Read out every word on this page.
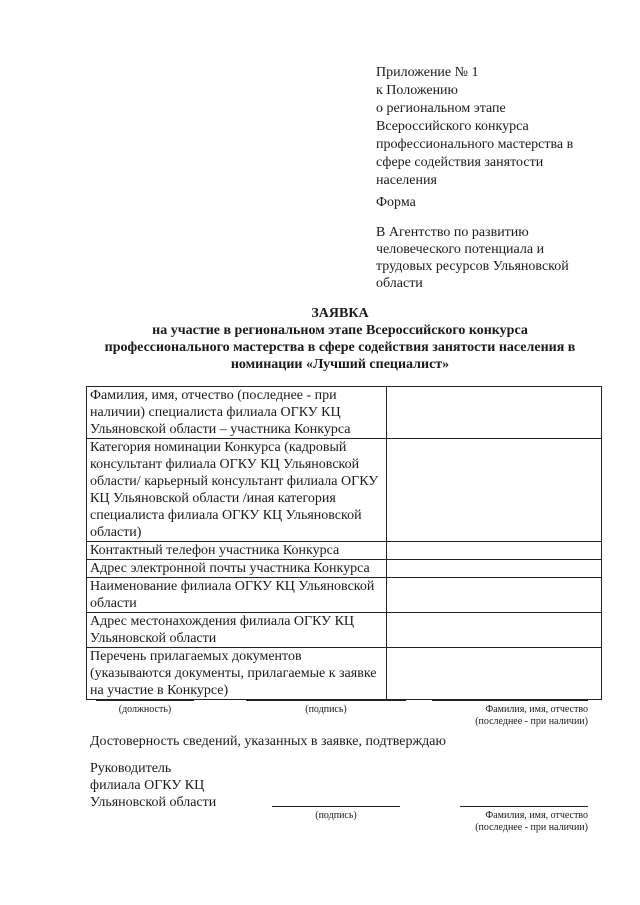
Приложение № 1
к Положению
о региональном этапе
Всероссийского конкурса
профессионального мастерства в
сфере содействия занятости
населения
Форма
В Агентство по развитию
человеческого потенциала и
трудовых ресурсов Ульяновской
области
ЗАЯВКА
на участие в региональном этапе Всероссийского конкурса
профессионального мастерства в сфере содействия занятости населения в
номинации «Лучший специалист»
Фамилия, имя, отчество (последнее - при наличии) специалиста филиала ОГКУ КЦ Ульяновской области – участника Конкурса	
Категория номинации Конкурса (кадровый консультант филиала ОГКУ КЦ Ульяновской области/ карьерный консультант филиала ОГКУ КЦ Ульяновской области /иная категория специалиста филиала ОГКУ КЦ Ульяновской области)	
Контактный телефон участника Конкурса	
Адрес электронной почты участника Конкурса	
Наименование филиала ОГКУ КЦ Ульяновской области	
Адрес местонахождения филиала ОГКУ КЦ Ульяновской области	
Перечень прилагаемых документов (указываются документы, прилагаемые к заявке на участие в Конкурсе)	
(должность)	(подпись)	Фамилия, имя, отчество
(последнее - при наличии)
Достоверность сведений, указанных в заявке, подтверждаю
Руководитель
филиала ОГКУ КЦ
Ульяновской области
(подпись)	Фамилия, имя, отчество
(последнее - при наличии)
